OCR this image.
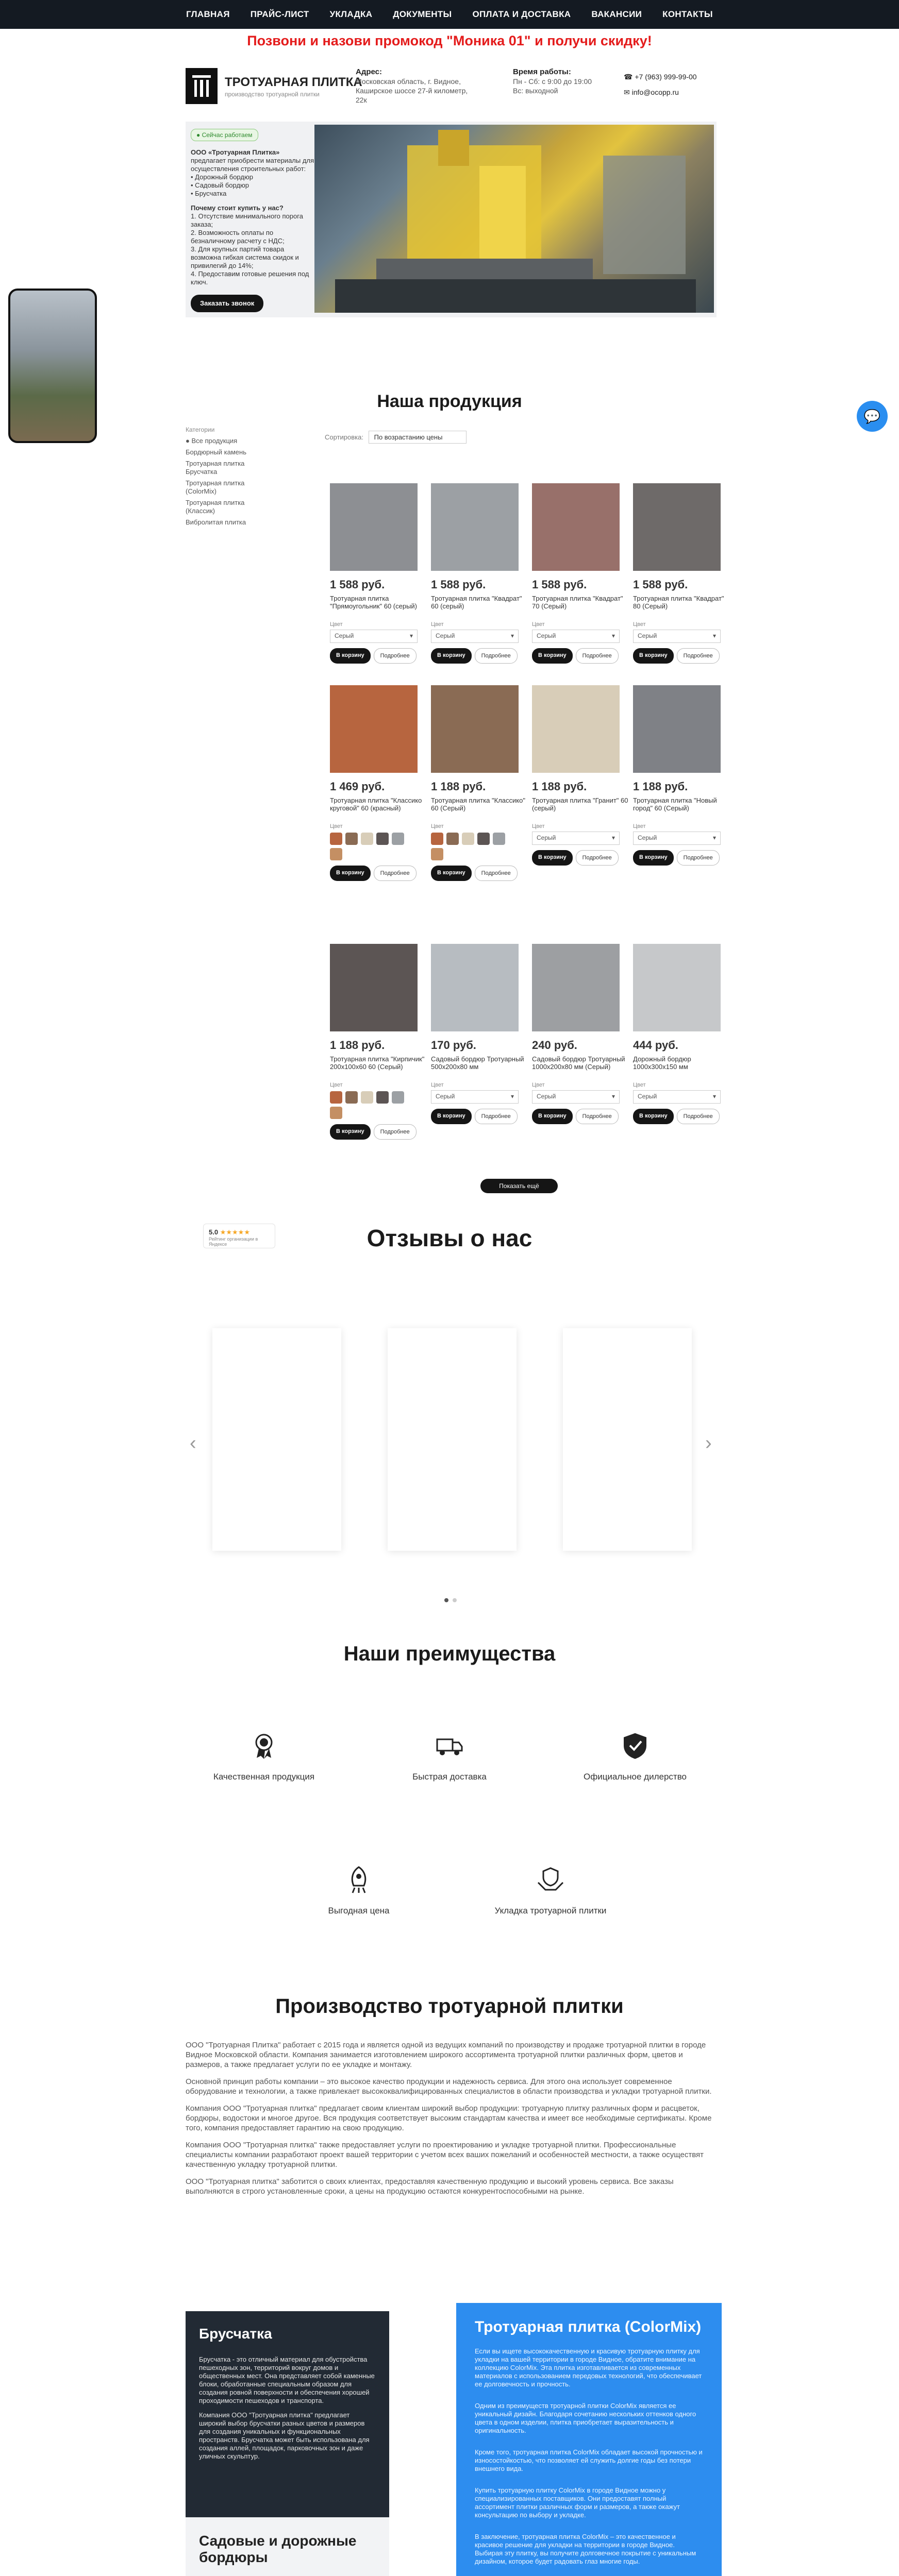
ГЛАВНАЯ ПРАЙС-ЛИСТ УКЛАДКА ДОКУМЕНТЫ ОПЛАТА И ДОСТАВКА ВАКАНСИИ КОНТАКТЫ
Позвони и назови промокод "Моника 01" и получи скидку!
ТРОТУАРНАЯ ПЛИТКА
производство тротуарной плитки
Адрес:
Московская область, г. Видное, Каширское шоссе 27-й километр, 22к
Время работы:
Пн - Сб: с 9:00 до 19:00
Вс: выходной
☎ +7 (963) 999-99-00
✉ info@ocopp.ru
● Сейчас работаем
ООО «Тротуарная Плитка»
предлагает приобрести материалы для осуществления строительных работ:
• Дорожный бордюр
• Садовый бордюр
• Брусчатка
Почему стоит купить у нас?
1. Отсутствие минимального порога заказа;
2. Возможность оплаты по безналичному расчету с НДС;
3. Для крупных партий товара возможна гибкая система скидок и привилегий до 14%;
4. Предоставим готовые решения под ключ.
Заказать звонок
💬
Наша продукция
Категории
● Все продукция
Бордюрный камень
Тротуарная плитка Брусчатка
Тротуарная плитка (ColorMix)
Тротуарная плитка (Классик)
Вибролитая плитка
Сортировка: По возрастанию цены
1 588 руб.
Тротуарная плитка "Прямоугольник" 60 (серый)
Цвет
Серый ▾
В корзину	Подробнее
1 588 руб.
Тротуарная плитка "Квадрат" 60 (серый)
Цвет
Серый ▾
В корзину	Подробнее
1 588 руб.
Тротуарная плитка "Квадрат" 70 (Серый)
Цвет
Серый ▾
В корзину	Подробнее
1 588 руб.
Тротуарная плитка "Квадрат" 80 (Серый)
Цвет
Серый ▾
В корзину	Подробнее
1 469 руб.
Тротуарная плитка "Классико круговой" 60 (красный)
Цвет
В корзину	Подробнее
1 188 руб.
Тротуарная плитка "Классико" 60 (Серый)
Цвет
В корзину	Подробнее
1 188 руб.
Тротуарная плитка "Гранит" 60 (серый)
Цвет
Серый ▾
В корзину	Подробнее
1 188 руб.
Тротуарная плитка "Новый город" 60 (Серый)
Цвет
Серый ▾
В корзину	Подробнее
1 188 руб.
Тротуарная плитка "Кирпичик" 200х100х60 60 (Серый)
Цвет
В корзину	Подробнее
170 руб.
Садовый бордюр Тротуарный 500х200х80 мм
Цвет
Серый ▾
В корзину	Подробнее
240 руб.
Садовый бордюр Тротуарный 1000х200х80 мм (Серый)
Цвет
Серый ▾
В корзину	Подробнее
444 руб.
Дорожный бордюр 1000х300х150 мм
Цвет
Серый ▾
В корзину	Подробнее
Показать ещё
Отзывы о нас
5.0 ★★★★★
Рейтинг организации в Яндексе
‹	›
Наши преимущества
Качественная продукция	Быстрая доставка	Официальное дилерство
Выгодная цена	Укладка тротуарной плитки
Производство тротуарной плитки

ООО "Тротуарная Плитка" работает с 2015 года и является одной из ведущих компаний по производству и продаже тротуарной плитки в городе Видное Московской области. Компания занимается изготовлением широкого ассортимента тротуарной плитки различных форм, цветов и размеров, а также предлагает услуги по ее укладке и монтажу.

Основной принцип работы компании – это высокое качество продукции и надежность сервиса. Для этого она использует современное оборудование и технологии, а также привлекает высококвалифицированных специалистов в области производства и укладки тротуарной плитки.

Компания ООО "Тротуарная плитка" предлагает своим клиентам широкий выбор продукции: тротуарную плитку различных форм и расцветок, бордюры, водостоки и многое другое. Вся продукция соответствует высоким стандартам качества и имеет все необходимые сертификаты. Кроме того, компания предоставляет гарантию на свою продукцию.

Компания ООО "Тротуарная плитка" также предоставляет услуги по проектированию и укладке тротуарной плитки. Профессиональные специалисты компании разработают проект вашей территории с учетом всех ваших пожеланий и особенностей местности, а также осуществят качественную укладку тротуарной плитки.

ООО "Тротуарная плитка" заботится о своих клиентах, предоставляя качественную продукцию и высокий уровень сервиса. Все заказы выполняются в строго установленные сроки, а цены на продукцию остаются конкурентоспособными на рынке.

Брусчатка

Брусчатка - это отличный материал для обустройства пешеходных зон, территорий вокруг домов и общественных мест. Она представляет собой каменные блоки, обработанные специальным образом для создания ровной поверхности и обеспечения хорошей проходимости пешеходов и транспорта.

Компания ООО "Тротуарная плитка" предлагает широкий выбор брусчатки разных цветов и размеров для создания уникальных и функциональных пространств. Брусчатка может быть использована для создания аллей, площадок, парковочных зон и даже уличных скульптур.

Садовые и дорожные бордюры

Тротуарная плитка (ColorMix)

Если вы ищете высококачественную и красивую тротуарную плитку для укладки на вашей территории в городе Видное, обратите внимание на коллекцию ColorMix. Эта плитка изготавливается из современных материалов с использованием передовых технологий, что обеспечивает ее долговечность и прочность.

Одним из преимуществ тротуарной плитки ColorMix является ее уникальный дизайн. Благодаря сочетанию нескольких оттенков одного цвета в одном изделии, плитка приобретает выразительность и оригинальность.

Кроме того, тротуарная плитка ColorMix обладает высокой прочностью и износостойкостью, что позволяет ей служить долгие годы без потери внешнего вида.

Купить тротуарную плитку ColorMix в городе Видное можно у специализированных поставщиков. Они предоставят полный ассортимент плитки различных форм и размеров, а также окажут консультацию по выбору и укладке.

В заключение, тротуарная плитка ColorMix – это качественное и красивое решение для укладки на территории в городе Видное. Выбирая эту плитку, вы получите долговечное покрытие с уникальным дизайном, которое будет радовать глаз многие годы.
